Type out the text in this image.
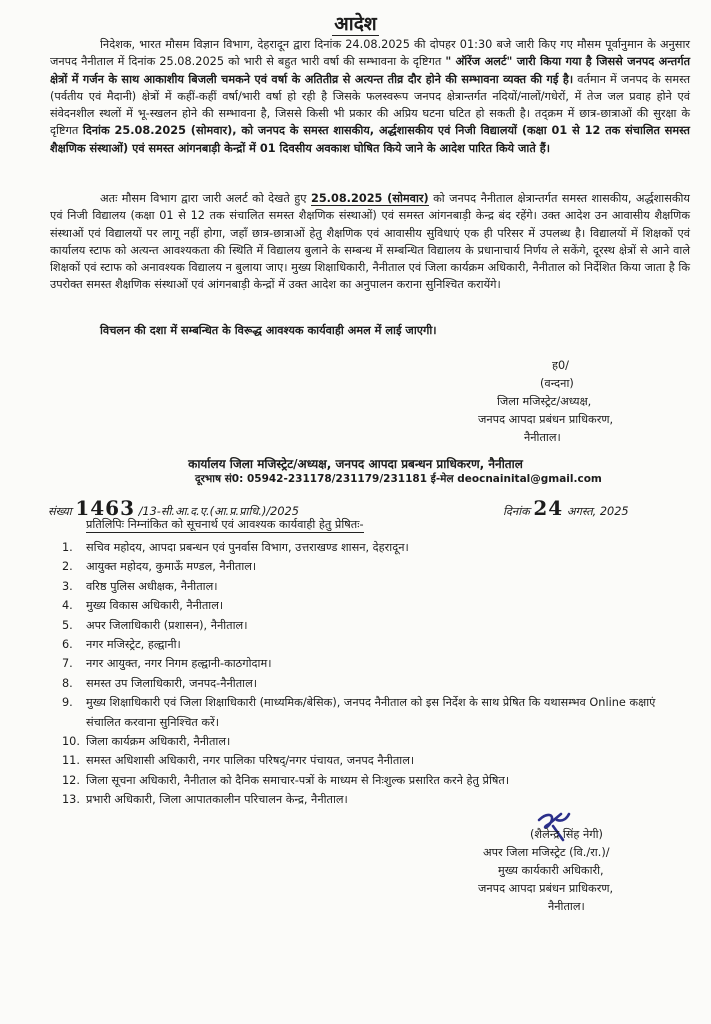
आदेश

निदेशक, भारत मौसम विज्ञान विभाग, देहरादून द्वारा दिनांक 24.08.2025 की दोपहर 01:30 बजे जारी किए गए मौसम पूर्वानुमान के अनुसार जनपद नैनीताल में दिनांक 25.08.2025 को भारी से बहुत भारी वर्षा की सम्भावना के दृष्टिगत " ऑरेंज अलर्ट" जारी किया गया है जिससे जनपद अन्तर्गत क्षेत्रों में गर्जन के साथ आकाशीय बिजली चमकने एवं वर्षा के अतितीव्र से अत्यन्त तीव्र दौर होने की सम्भावना व्यक्त की गई है। वर्तमान में जनपद के समस्त (पर्वतीय एवं मैदानी) क्षेत्रों में कहीं-कहीं वर्षा/भारी वर्षा हो रही है जिसके फलस्वरूप जनपद क्षेत्रान्तर्गत नदियों/नालों/गधेरों, में तेज जल प्रवाह होने एवं संवेदनशील स्थलों में भू-स्खलन होने की सम्भावना है, जिससे किसी भी प्रकार की अप्रिय घटना घटित हो सकती है। तद्क्रम में छात्र-छात्राओं की सुरक्षा के दृष्टिगत दिनांक 25.08.2025 (सोमवार), को जनपद के समस्त शासकीय, अर्द्धशासकीय एवं निजी विद्यालयों (कक्षा 01 से 12 तक संचालित समस्त शैक्षणिक संस्थाओं) एवं समस्त आंगनबाड़ी केन्द्रों में 01 दिवसीय अवकाश घोषित किये जाने के आदेश पारित किये जाते हैं।

अतः मौसम विभाग द्वारा जारी अलर्ट को देखते हुए 25.08.2025 (सोमवार) को जनपद नैनीताल क्षेत्रान्तर्गत समस्त शासकीय, अर्द्धशासकीय एवं निजी विद्यालय (कक्षा 01 से 12 तक संचालित समस्त शैक्षणिक संस्थाओं) एवं समस्त आंगनबाड़ी केन्द्र बंद रहेंगे। उक्त आदेश उन आवासीय शैक्षणिक संस्थाओं एवं विद्यालयों पर लागू नहीं होगा, जहाँ छात्र-छात्राओं हेतु शैक्षणिक एवं आवासीय सुविधाएं एक ही परिसर में उपलब्ध है। विद्यालयों में शिक्षकों एवं कार्यालय स्टाफ को अत्यन्त आवश्यकता की स्थिति में विद्यालय बुलाने के सम्बन्ध में सम्बन्धित विद्यालय के प्रधानाचार्य निर्णय ले सकेंगे, दूरस्थ क्षेत्रों से आने वाले शिक्षकों एवं स्टाफ को अनावश्यक विद्यालय न बुलाया जाए। मुख्य शिक्षाधिकारी, नैनीताल एवं जिला कार्यक्रम अधिकारी, नैनीताल को निर्देशित किया जाता है कि उपरोक्त समस्त शैक्षणिक संस्थाओं एवं आंगनबाड़ी केन्द्रों में उक्त आदेश का अनुपालन कराना सुनिश्चित करायेंगे।

विचलन की दशा में सम्बन्धित के विरूद्ध आवश्यक कार्यवाही अमल में लाई जाएगी।

ह0/
(वन्दना)
जिला मजिस्ट्रेट/अध्यक्ष,
जनपद आपदा प्रबंधन प्राधिकरण,
नैनीताल।
कार्यालय जिला मजिस्ट्रेट/अध्यक्ष, जनपद आपदा प्रबन्धन प्राधिकरण, नैनीताल
दूरभाष सं0: 05942-231178/231179/231181 ई-मेल deocnainital@gmail.com
संख्या 1463 /13-सी.आ.द.ए.(आ.प्र.प्राधि.)/2025	दिनांक 24 अगस्त, 2025
प्रतिलिपिः निम्नांकित को सूचनार्थ एवं आवश्यक कार्यवाही हेतु प्रेषितः-
1. सचिव महोदय, आपदा प्रबन्धन एवं पुनर्वास विभाग, उत्तराखण्ड शासन, देहरादून।
2. आयुक्त महोदय, कुमाऊँ मण्डल, नैनीताल।
3. वरिष्ठ पुलिस अधीक्षक, नैनीताल।
4. मुख्य विकास अधिकारी, नैनीताल।
5. अपर जिलाधिकारी (प्रशासन), नैनीताल।
6. नगर मजिस्ट्रेट, हल्द्वानी।
7. नगर आयुक्त, नगर निगम हल्द्वानी-काठगोदाम।
8. समस्त उप जिलाधिकारी, जनपद-नैनीताल।
9. मुख्य शिक्षाधिकारी एवं जिला शिक्षाधिकारी (माध्यमिक/बेसिक), जनपद नैनीताल को इस निर्देश के साथ प्रेषित कि यथासम्भव Online कक्षाएं संचालित करवाना सुनिश्चित करें।
10. जिला कार्यक्रम अधिकारी, नैनीताल।
11. समस्त अधिशासी अधिकारी, नगर पालिका परिषद्/नगर पंचायत, जनपद नैनीताल।
12. जिला सूचना अधिकारी, नैनीताल को दैनिक समाचार-पत्रों के माध्यम से निःशुल्क प्रसारित करने हेतु प्रेषित।
13. प्रभारी अधिकारी, जिला आपातकालीन परिचालन केन्द्र, नैनीताल।
(शैलेन्द्र सिंह नेगी)
अपर जिला मजिस्ट्रेट (वि./रा.)/
मुख्य कार्यकारी अधिकारी,
जनपद आपदा प्रबंधन प्राधिकरण,
नैनीताल।
